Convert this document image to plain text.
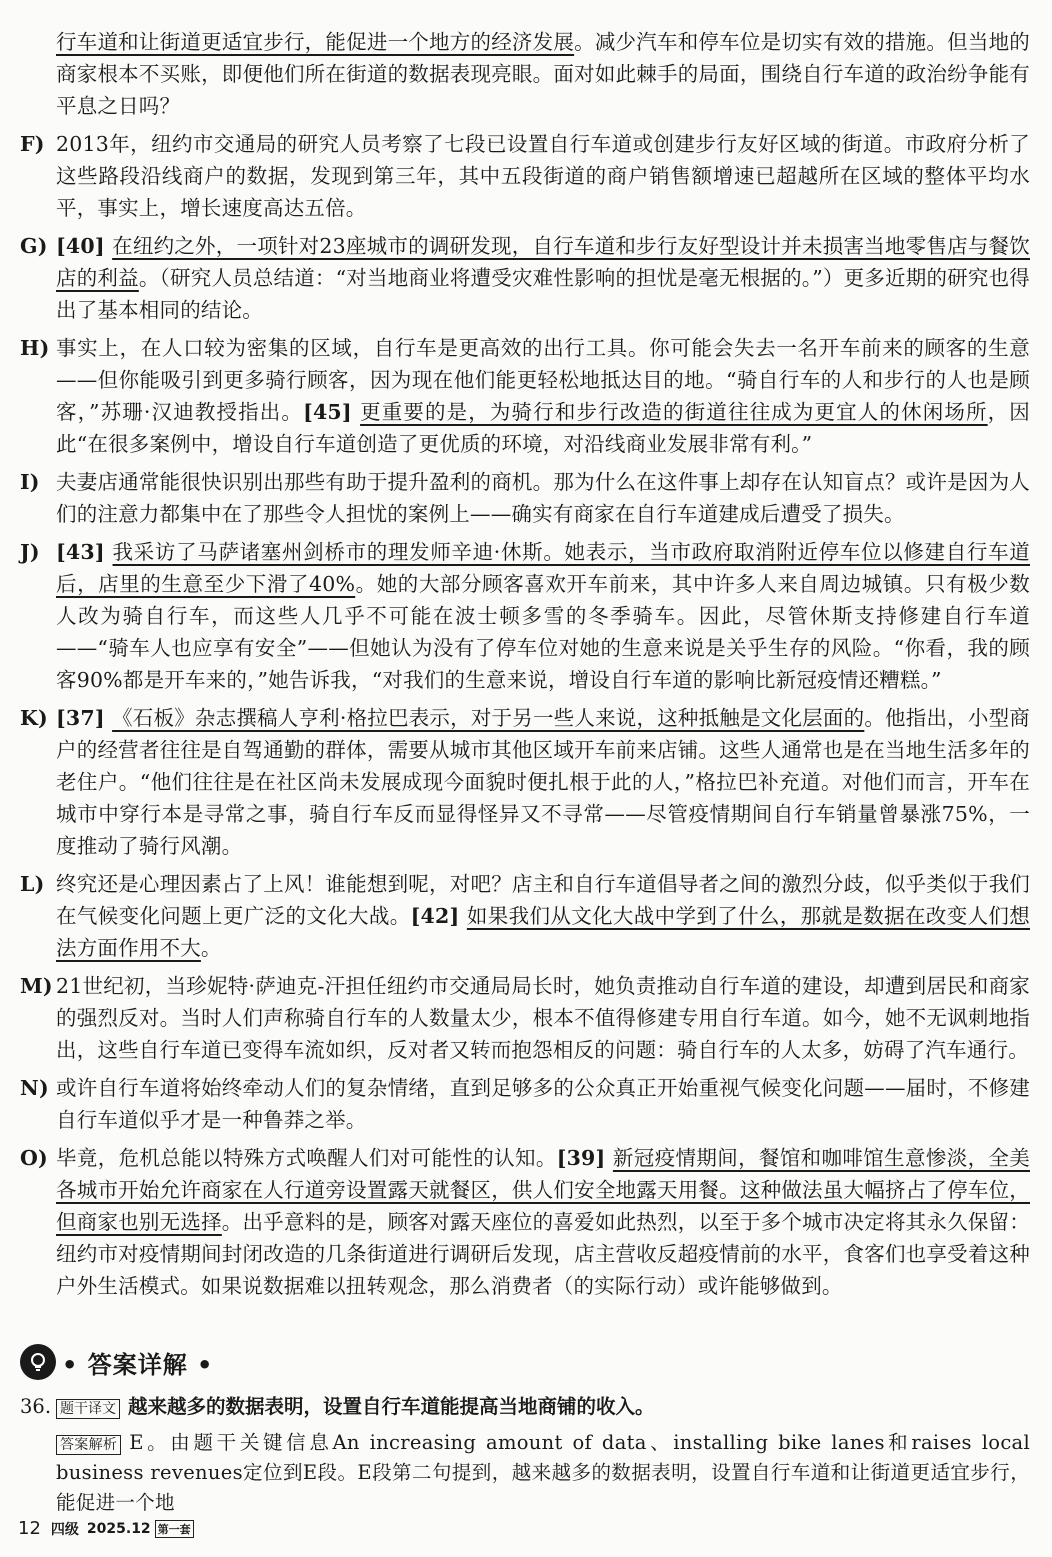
行车道和让街道更适宜步行，能促进一个地方的经济发展。减少汽车和停车位是切实有效的措施。但当地的商家根本不买账，即便他们所在街道的数据表现亮眼。面对如此棘手的局面，围绕自行车道的政治纷争能有平息之日吗？
F) 2013年，纽约市交通局的研究人员考察了七段已设置自行车道或创建步行友好区域的街道。市政府分析了这些路段沿线商户的数据，发现到第三年，其中五段街道的商户销售额增速已超越所在区域的整体平均水平，事实上，增长速度高达五倍。
G) [40] 在纽约之外，一项针对23座城市的调研发现，自行车道和步行友好型设计并未损害当地零售店与餐饮店的利益。（研究人员总结道：“对当地商业将遭受灾难性影响的担忧是毫无根据的。”）更多近期的研究也得出了基本相同的结论。
H) 事实上，在人口较为密集的区域，自行车是更高效的出行工具。你可能会失去一名开车前来的顾客的生意——但你能吸引到更多骑行顾客，因为现在他们能更轻松地抵达目的地。“骑自行车的人和步行的人也是顾客，”苏珊·汉迪教授指出。[45] 更重要的是，为骑行和步行改造的街道往往成为更宜人的休闲场所，因此“在很多案例中，增设自行车道创造了更优质的环境，对沿线商业发展非常有利。”
I) 夫妻店通常能很快识别出那些有助于提升盈利的商机。那为什么在这件事上却存在认知盲点？或许是因为人们的注意力都集中在了那些令人担忧的案例上——确实有商家在自行车道建成后遭受了损失。
J) [43] 我采访了马萨诸塞州剑桥市的理发师辛迪·休斯。她表示，当市政府取消附近停车位以修建自行车道后，店里的生意至少下滑了40%。她的大部分顾客喜欢开车前来，其中许多人来自周边城镇。只有极少数人改为骑自行车，而这些人几乎不可能在波士顿多雪的冬季骑车。因此，尽管休斯支持修建自行车道——“骑车人也应享有安全”——但她认为没有了停车位对她的生意来说是关乎生存的风险。“你看，我的顾客90%都是开车来的，”她告诉我，“对我们的生意来说，增设自行车道的影响比新冠疫情还糟糕。”
K) [37] 《石板》杂志撰稿人亨利·格拉巴表示，对于另一些人来说，这种抵触是文化层面的。他指出，小型商户的经营者往往是自驾通勤的群体，需要从城市其他区域开车前来店铺。这些人通常也是在当地生活多年的老住户。“他们往往是在社区尚未发展成现今面貌时便扎根于此的人，”格拉巴补充道。对他们而言，开车在城市中穿行本是寻常之事，骑自行车反而显得怪异又不寻常——尽管疫情期间自行车销量曾暴涨75%，一度推动了骑行风潮。
L) 终究还是心理因素占了上风！谁能想到呢，对吧？店主和自行车道倡导者之间的激烈分歧，似乎类似于我们在气候变化问题上更广泛的文化大战。[42] 如果我们从文化大战中学到了什么，那就是数据在改变人们想法方面作用不大。
M) 21世纪初，当珍妮特·萨迪克-汗担任纽约市交通局局长时，她负责推动自行车道的建设，却遭到居民和商家的强烈反对。当时人们声称骑自行车的人数量太少，根本不值得修建专用自行车道。如今，她不无讽刺地指出，这些自行车道已变得车流如织，反对者又转而抱怨相反的问题：骑自行车的人太多，妨碍了汽车通行。
N) 或许自行车道将始终牵动人们的复杂情绪，直到足够多的公众真正开始重视气候变化问题——届时，不修建自行车道似乎才是一种鲁莽之举。
O) 毕竟，危机总能以特殊方式唤醒人们对可能性的认知。[39] 新冠疫情期间，餐馆和咖啡馆生意惨淡，全美各城市开始允许商家在人行道旁设置露天就餐区，供人们安全地露天用餐。这种做法虽大幅挤占了停车位，但商家也别无选择。出乎意料的是，顾客对露天座位的喜爱如此热烈，以至于多个城市决定将其永久保留：纽约市对疫情期间封闭改造的几条街道进行调研后发现，店主营收反超疫情前的水平，食客们也享受着这种户外生活模式。如果说数据难以扭转观念，那么消费者（的实际行动）或许能够做到。
• 答案详解 •
36. 题干译文 越来越多的数据表明，设置自行车道能提高当地商铺的收入。
答案解析 E。由题干关键信息An increasing amount of data、installing bike lanes和raises local business revenues定位到E段。E段第二句提到，越来越多的数据表明，设置自行车道和让街道更适宜步行，能促进一个地
12 四级 2025.12 第一套
